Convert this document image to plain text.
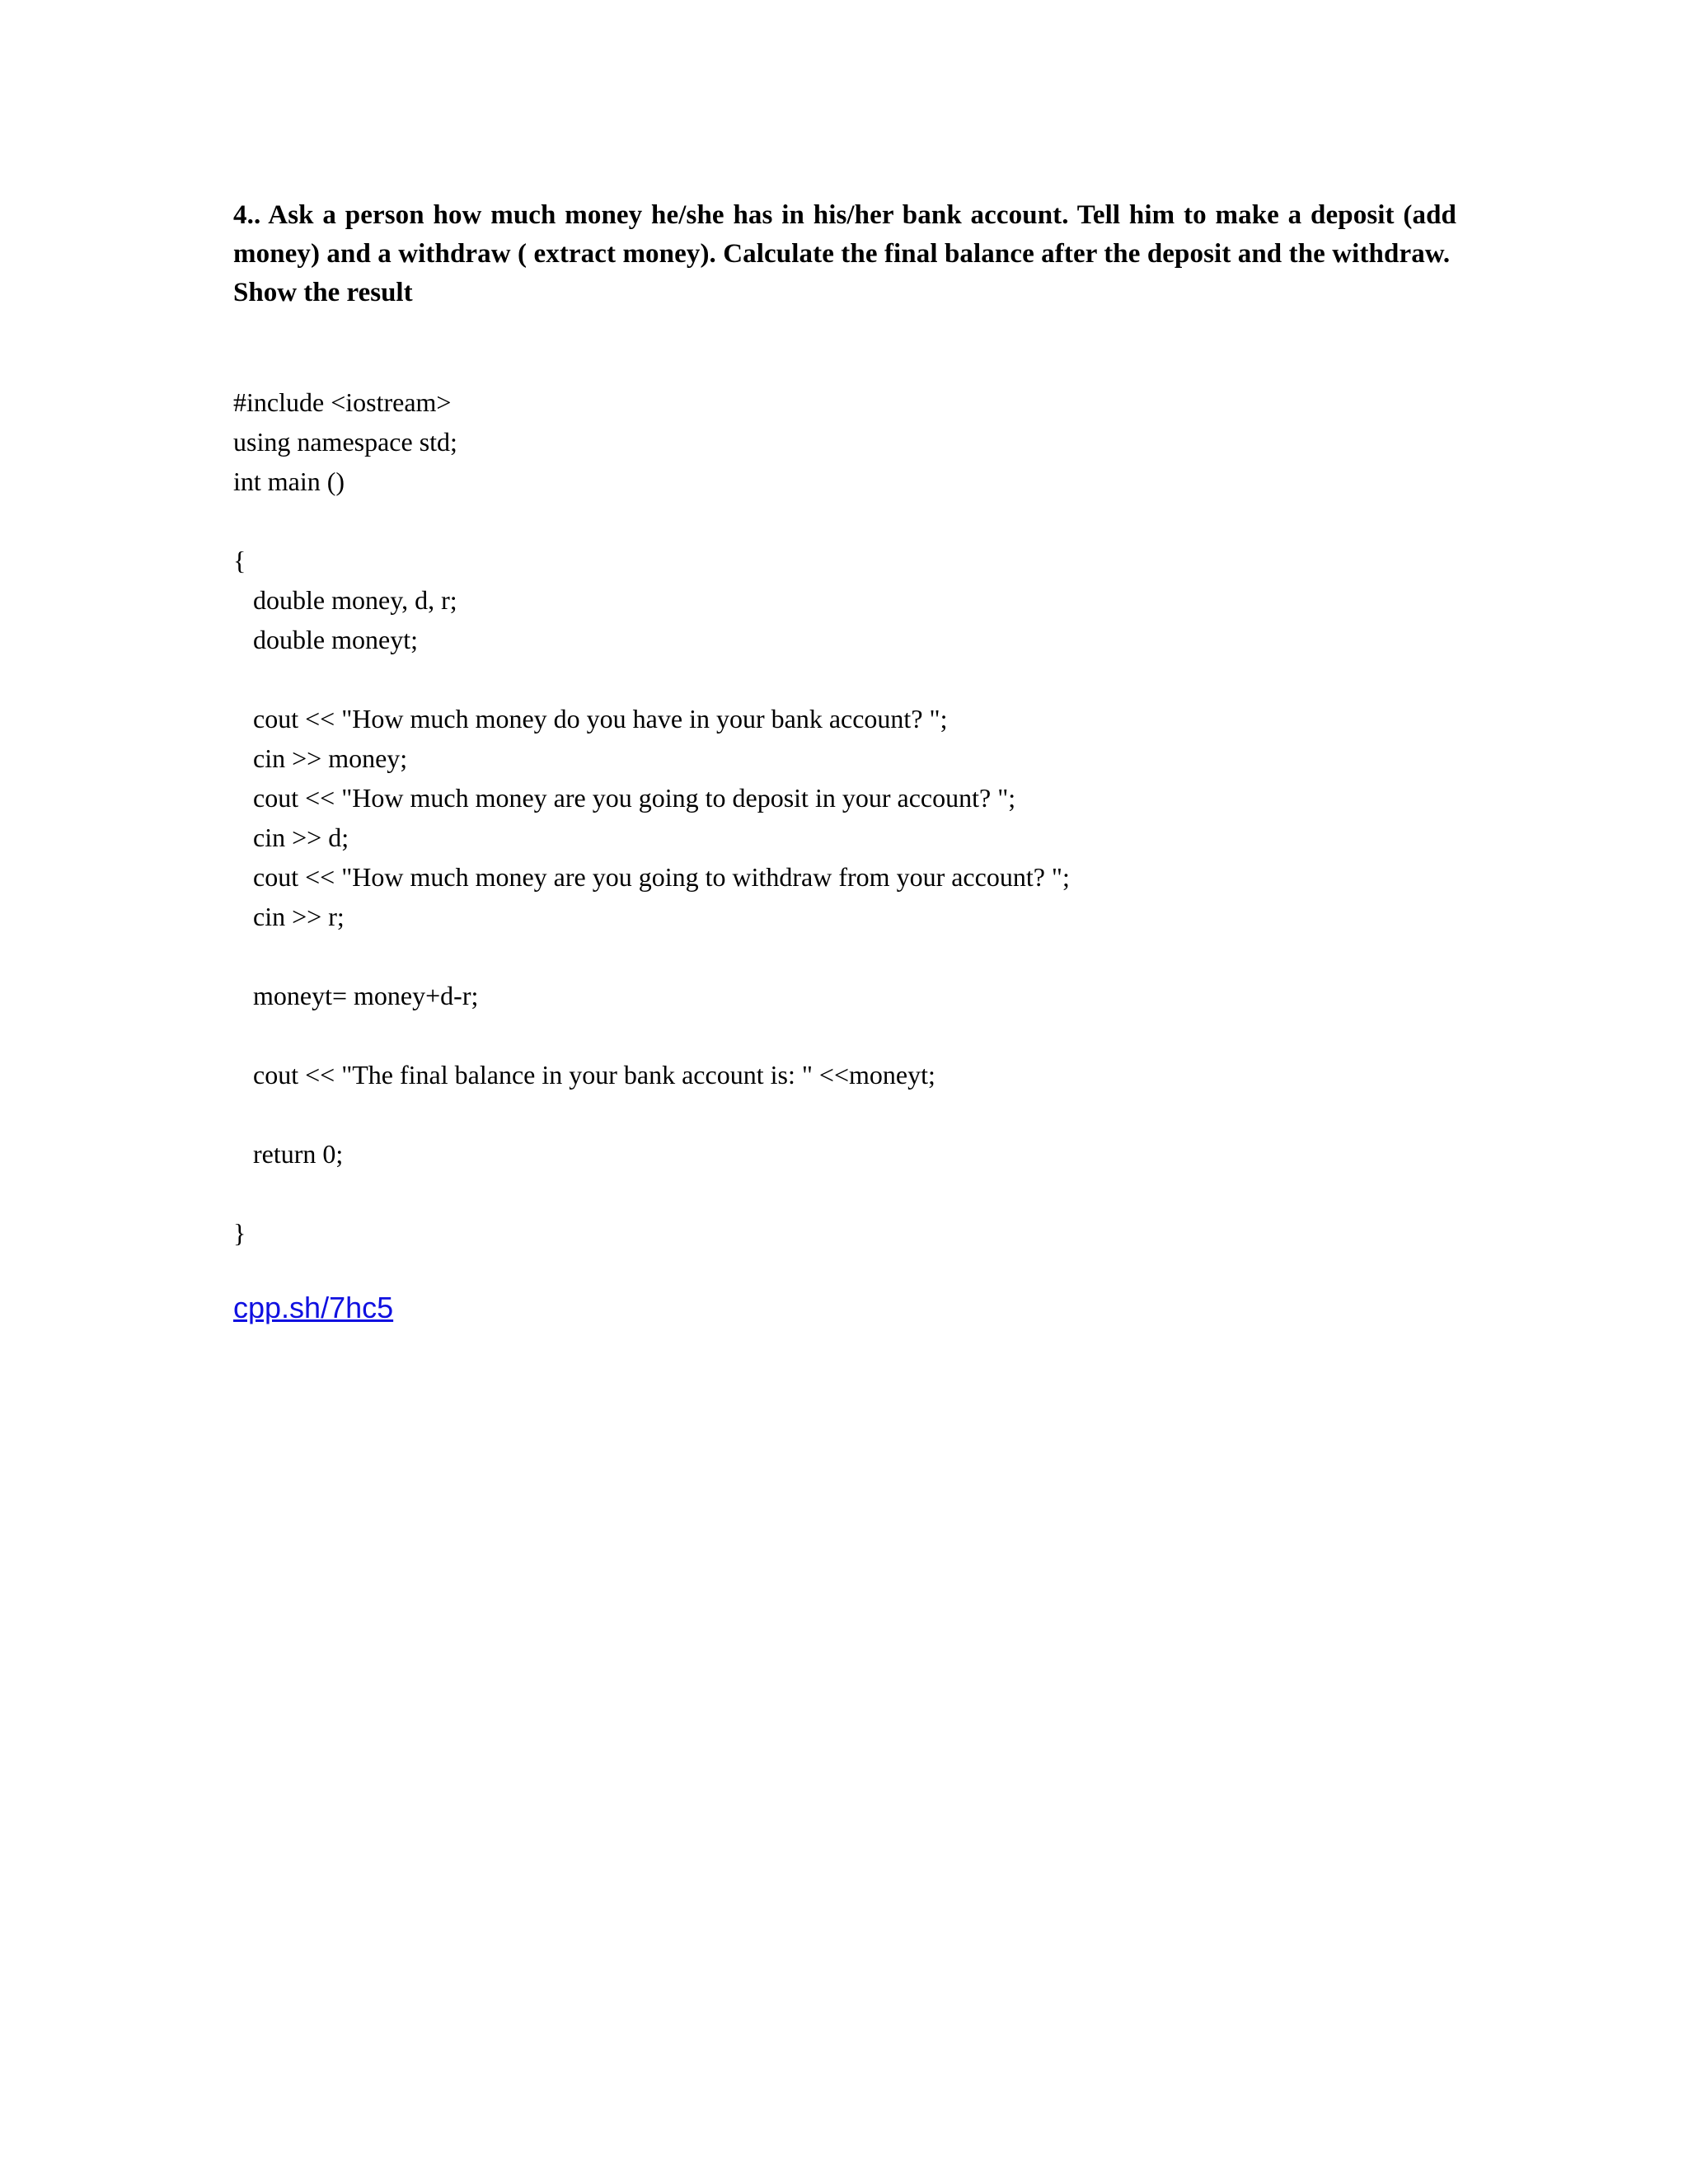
4.. Ask a person how much money he/she has in his/her bank account. Tell him to make a deposit (add money) and a withdraw ( extract money). Calculate the final balance after the deposit and the withdraw.

Show the result

#include <iostream>
using namespace std;
int main ()

{
double money, d, r;
double moneyt;

cout << "How much money do you have in your bank account? ";
cin >> money;
cout << "How much money are you going to deposit in your account? ";
cin >> d;
cout << "How much money are you going to withdraw from your account? ";
cin >> r;

moneyt= money+d-r;

cout << "The final balance in your bank account is: " <<moneyt;

return 0;

}
cpp.sh/7hc5
